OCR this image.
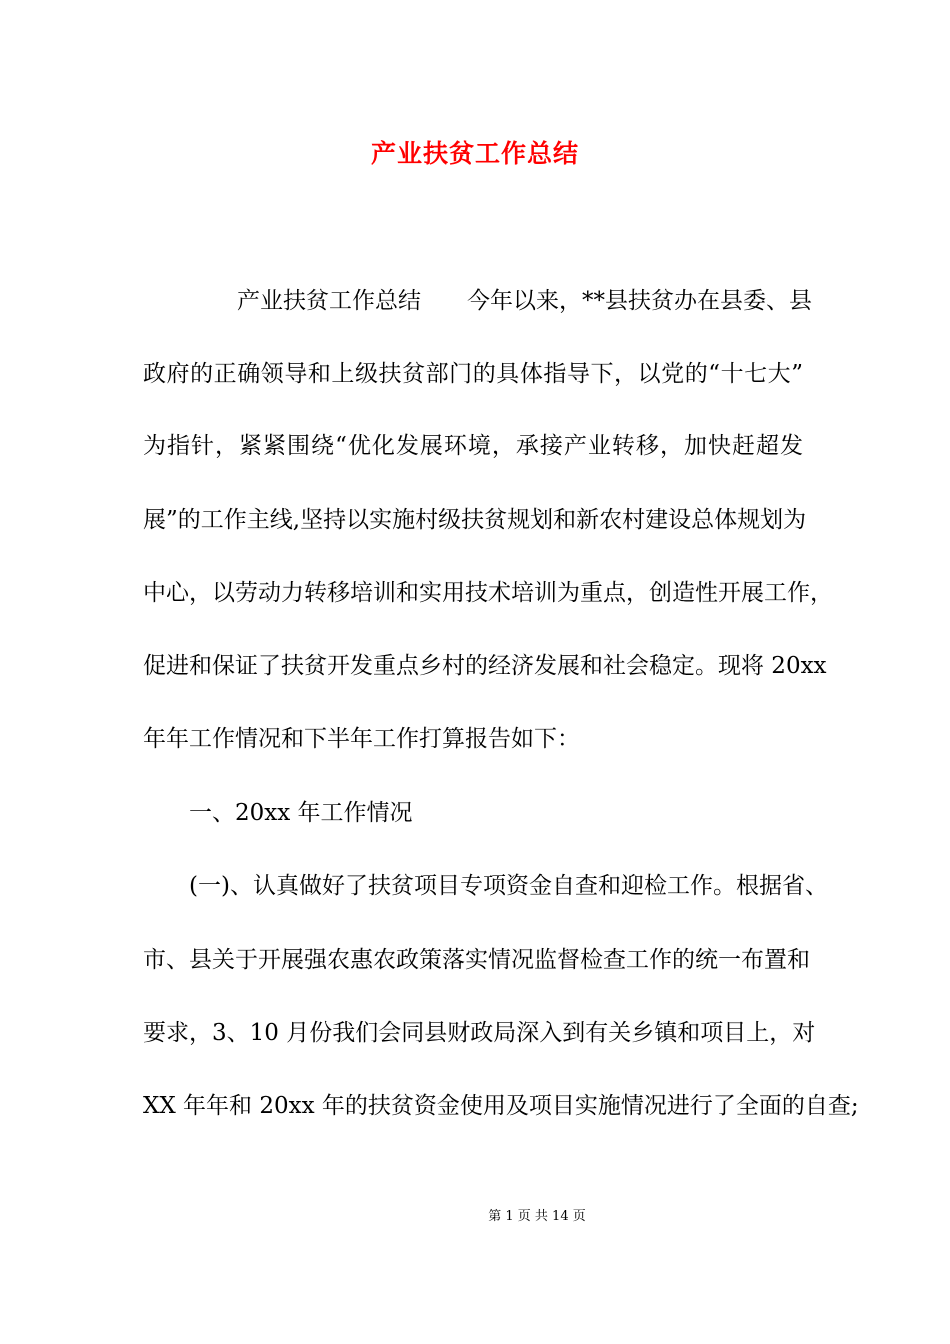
产业扶贫工作总结
产业扶贫工作总结　　今年以来，**县扶贫办在县委、县
政府的正确领导和上级扶贫部门的具体指导下，以党的“十七大”
为指针，紧紧围绕“优化发展环境，承接产业转移，加快赶超发
展”的工作主线,坚持以实施村级扶贫规划和新农村建设总体规划为
中心，以劳动力转移培训和实用技术培训为重点，创造性开展工作，
促进和保证了扶贫开发重点乡村的经济发展和社会稳定。现将 20xx
年年工作情况和下半年工作打算报告如下：
一、20xx 年工作情况
(一)、认真做好了扶贫项目专项资金自查和迎检工作。根据省、
市、县关于开展强农惠农政策落实情况监督检查工作的统一布置和
要求，3、10 月份我们会同县财政局深入到有关乡镇和项目上，对
XX 年年和 20xx 年的扶贫资金使用及项目实施情况进行了全面的自查;
第 1 页 共 14 页
